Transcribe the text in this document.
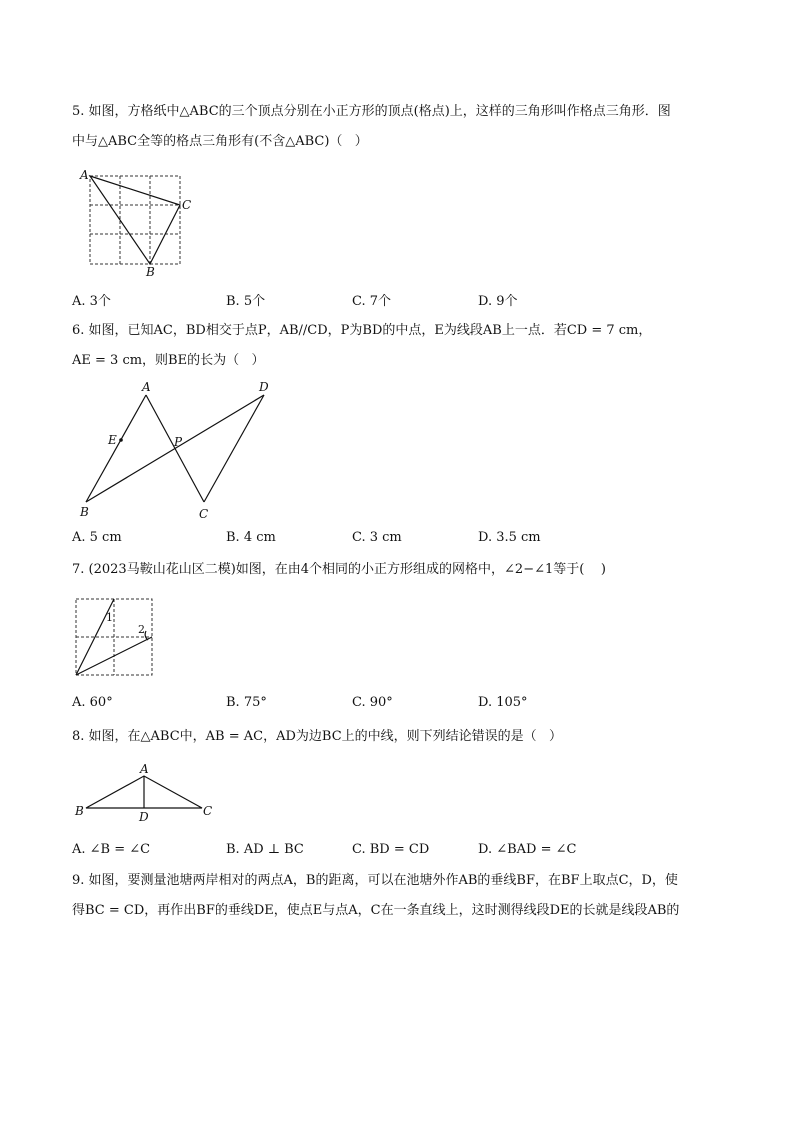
5. 如图，方格纸中△ABC的三个顶点分别在小正方形的顶点(格点)上，这样的三角形叫作格点三角形．图
中与△ABC全等的格点三角形有(不含△ABC)（   ）
A
C
B
A. 3个	B. 5个	C. 7个	D. 9个
6. 如图，已知AC，BD相交于点P，AB//CD，P为BD的中点，E为线段AB上一点．若CD = 7 cm，
AE = 3 cm，则BE的长为（   ）
A	D
E	P
B	C
A. 5 cm	B. 4 cm	C. 3 cm	D. 3.5 cm
7. (2023马鞍山花山区二模)如图，在由4个相同的小正方形组成的网格中，∠2−∠1等于(    )
1
2
A. 60°	B. 75°	C. 90°	D. 105°
8. 如图，在△ABC中，AB = AC，AD为边BC上的中线，则下列结论错误的是（   ）
A
B	D	C
A. ∠B = ∠C	B. AD ⊥ BC	C. BD = CD	D. ∠BAD = ∠C
9. 如图，要测量池塘两岸相对的两点A，B的距离，可以在池塘外作AB的垂线BF，在BF上取点C，D，使
得BC = CD，再作出BF的垂线DE，使点E与点A，C在一条直线上，这时测得线段DE的长就是线段AB的
